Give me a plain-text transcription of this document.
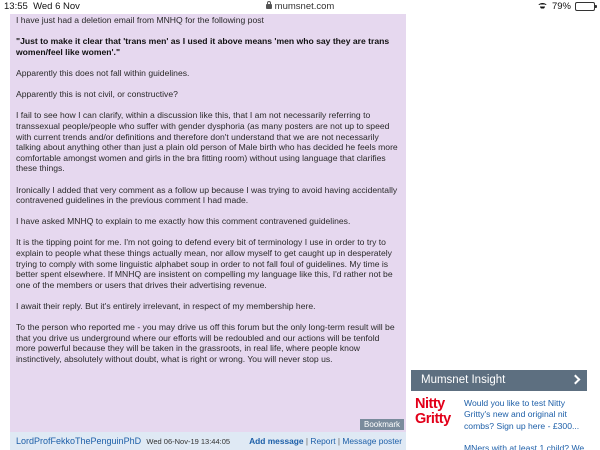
13:55 Wed 6 Nov	mumsnet.com	79%

I have just had a deletion email from MNHQ for the following post

"Just to make it clear that 'trans men' as I used it above means 'men who say they are trans women/feel like women'."

Apparently this does not fall within guidelines.

Apparently this is not civil, or constructive?

I fail to see how I can clarify, within a discussion like this, that I am not necessarily referring to transsexual people/people who suffer with gender dysphoria (as many posters are not up to speed with current trends and/or definitions and therefore don't understand that we are not necessarily talking about anything other than just a plain old person of Male birth who has decided he feels more comfortable amongst women and girls in the bra fitting room) without using language that clarifies these things.

Ironically I added that very comment as a follow up because I was trying to avoid having accidentally contravened guidelines in the previous comment I had made.

I have asked MNHQ to explain to me exactly how this comment contravened guidelines.

It is the tipping point for me. I'm not going to defend every bit of terminology I use in order to try to explain to people what these things actually mean, nor allow myself to get caught up in desperately trying to comply with some linguistic alphabet soup in order to not fall foul of guidelines. My time is better spent elsewhere. If MNHQ are insistent on compelling my language like this, I'd rather not be one of the members or users that drives their advertising revenue.

I await their reply. But it's entirely irrelevant, in respect of my membership here.

To the person who reported me - you may drive us off this forum but the only long-term result will be that you drive us underground where our efforts will be redoubled and our actions will be tenfold more powerful because they will be taken in the grassroots, in real life, where people know instinctively, absolutely without doubt, what is right or wrong. You will never stop us.

Bookmark
LordProfFekkoThePenguinPhD Wed 06-Nov-19 13:44:05 Add message | Report | Message poster
Mumsnet Insight
Nitty
Gritty
Would you like to test Nitty Gritty's new and original nit combs? Sign up here - £300...
MNers with at least 1 child? We
